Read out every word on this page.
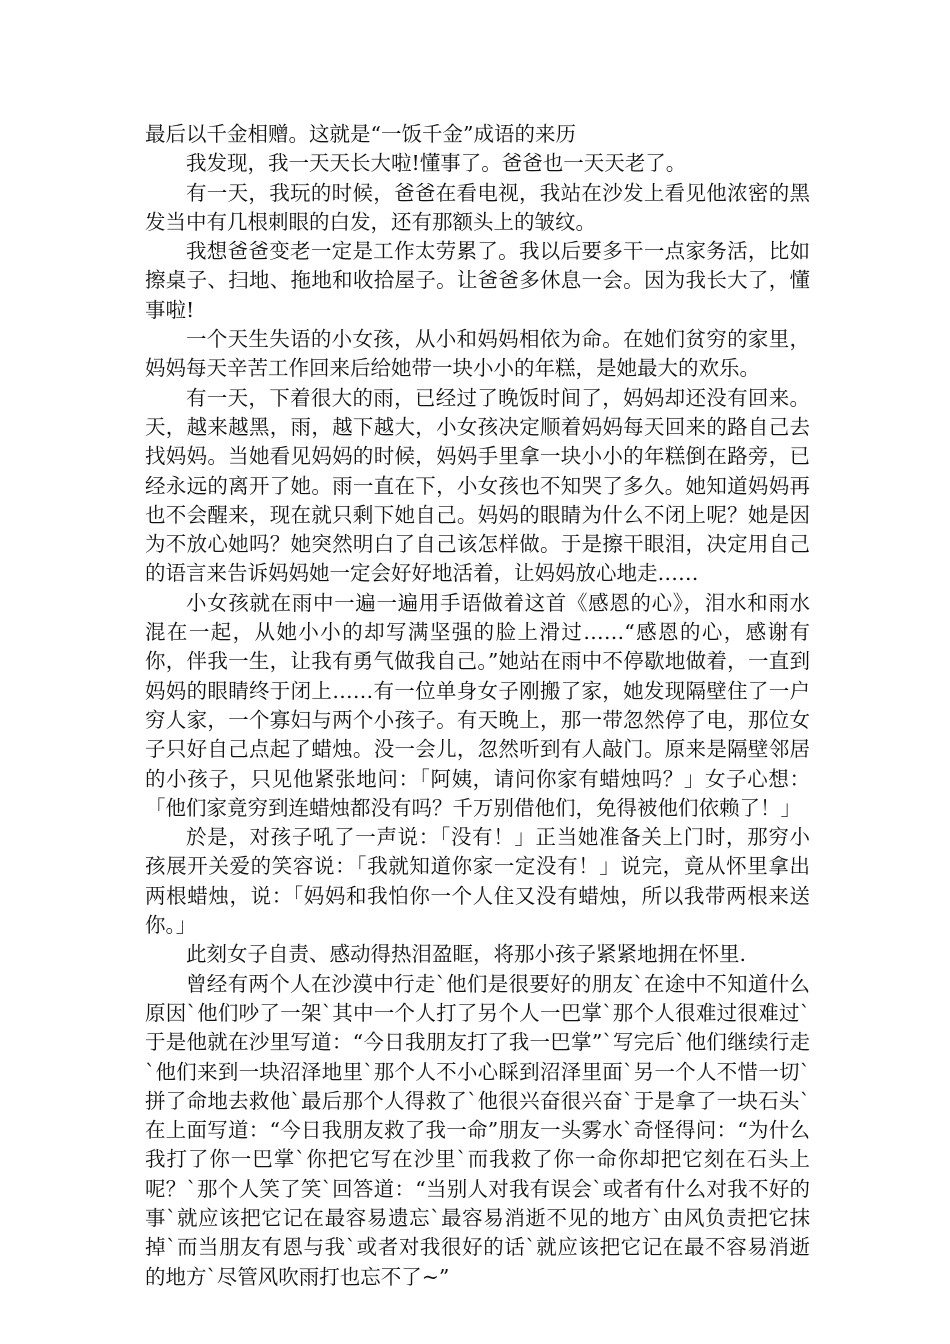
最后以千金相赠。这就是“一饭千金”成语的来历

我发现，我一天天长大啦!懂事了。爸爸也一天天老了。

有一天，我玩的时候，爸爸在看电视，我站在沙发上看见他浓密的黑发当中有几根刺眼的白发，还有那额头上的皱纹。

我想爸爸变老一定是工作太劳累了。我以后要多干一点家务活，比如擦桌子、扫地、拖地和收拾屋子。让爸爸多休息一会。因为我长大了，懂事啦!

一个天生失语的小女孩，从小和妈妈相依为命。在她们贫穷的家里，妈妈每天辛苦工作回来后给她带一块小小的年糕，是她最大的欢乐。

有一天，下着很大的雨，已经过了晚饭时间了，妈妈却还没有回来。天，越来越黑，雨，越下越大，小女孩决定顺着妈妈每天回来的路自己去找妈妈。当她看见妈妈的时候，妈妈手里拿一块小小的年糕倒在路旁，已经永远的离开了她。雨一直在下，小女孩也不知哭了多久。她知道妈妈再也不会醒来，现在就只剩下她自己。妈妈的眼睛为什么不闭上呢？她是因为不放心她吗？她突然明白了自己该怎样做。于是擦干眼泪，决定用自己的语言来告诉妈妈她一定会好好地活着，让妈妈放心地走……

小女孩就在雨中一遍一遍用手语做着这首《感恩的心》，泪水和雨水混在一起，从她小小的却写满坚强的脸上滑过……“感恩的心，感谢有你，伴我一生，让我有勇气做我自己。”她站在雨中不停歇地做着，一直到妈妈的眼睛终于闭上……有一位单身女子刚搬了家，她发现隔壁住了一户穷人家，一个寡妇与两个小孩子。有天晚上，那一带忽然停了电，那位女子只好自己点起了蜡烛。没一会儿，忽然听到有人敲门。原来是隔壁邻居的小孩子，只见他紧张地问：「阿姨，请问你家有蜡烛吗？」女子心想：「他们家竟穷到连蜡烛都没有吗？千万别借他们，免得被他们依赖了！」

於是，对孩子吼了一声说：「没有！」正当她准备关上门时，那穷小孩展开关爱的笑容说：「我就知道你家一定没有！」说完，竟从怀里拿出两根蜡烛，说：「妈妈和我怕你一个人住又没有蜡烛，所以我带两根来送你。」

此刻女子自责、感动得热泪盈眶，将那小孩子紧紧地拥在怀里.

曾经有两个人在沙漠中行走`他们是很要好的朋友`在途中不知道什么原因`他们吵了一架`其中一个人打了另个人一巴掌`那个人很难过很难过`于是他就在沙里写道：“今日我朋友打了我一巴掌”`写完后`他们继续行走`他们来到一块沼泽地里`那个人不小心睬到沼泽里面`另一个人不惜一切`拼了命地去救他`最后那个人得救了`他很兴奋很兴奋`于是拿了一块石头`在上面写道：“今日我朋友救了我一命”朋友一头雾水`奇怪得问：“为什么我打了你一巴掌`你把它写在沙里`而我救了你一命你却把它刻在石头上呢？`那个人笑了笑`回答道：“当别人对我有误会`或者有什么对我不好的事`就应该把它记在最容易遗忘`最容易消逝不见的地方`由风负责把它抹掉`而当朋友有恩与我`或者对我很好的话`就应该把它记在最不容易消逝的地方`尽管风吹雨打也忘不了~”
